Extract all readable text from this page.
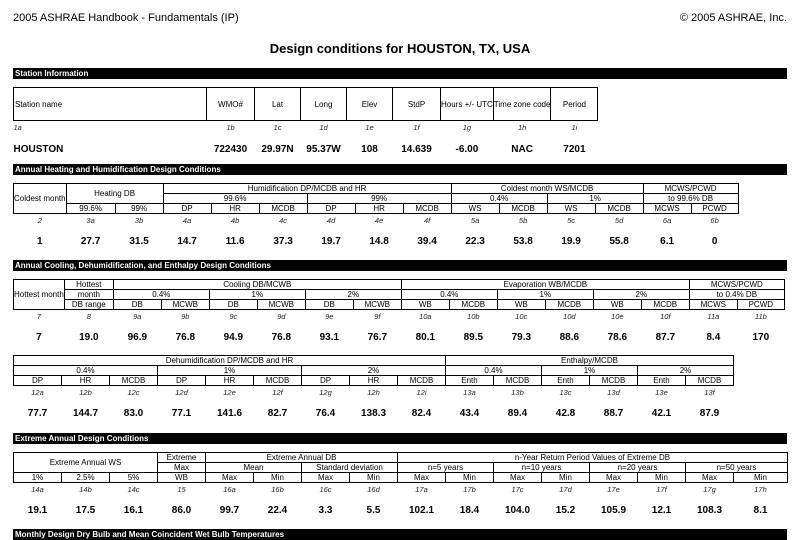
2005 ASHRAE Handbook - Fundamentals (IP)	© 2005 ASHRAE, Inc.
Design conditions for HOUSTON, TX, USA
Station Information
Station name	WMO#	Lat	Long	Elev	StdP	Hours +/- UTC	Time zone code	Period
1a	1b	1c	1d	1e	1f	1g	1h	1i

HOUSTON	722430	29.97N	95.37W	108	14.639	-6.00	NAC	7201
Annual Heating and Humidification Design Conditions
Coldest month	Heating DB		Humidification DP/MCDB and HR						Coldest month WS/MCDB				MCWS/PCWD	
			99.6%			99%			0.4%		1%		to 99.6% DB	
	99.6%	99%	DP	HR	MCDB	DP	HR	MCDB	WS	MCDB	WS	MCDB	MCWS	PCWD
2	3a	3b	4a	4b	4c	4d	4e	4f	5a	5b	5c	5d	6a	6b

1	27.7	31.5	14.7	11.6	37.3	19.7	14.8	39.4	22.3	53.8	19.9	55.8	6.1	0
Annual Cooling, Dehumidification, and Enthalpy Design Conditions
Hottest month	Hottest	Cooling DB/MCWB						Evaporation WB/MCDB						MCWS/PCWD	
	month	0.4%		1%		2%		0.4%		1%		2%		to 0.4% DB	
	DB range	DB	MCWB	DB	MCWB	DB	MCWB	WB	MCDB	WB	MCDB	WB	MCDB	MCWS	PCWD
7	8	9a	9b	9c	9d	9e	9f	10a	10b	10c	10d	10e	10f	11a	11b

7	19.0	96.9	76.8	94.9	76.8	93.1	76.7	80.1	89.5	79.3	88.6	78.6	87.7	8.4	170
Dehumidification DP/MCDB and HR									Enthalpy/MCDB					
0.4%			1%			2%			0.4%		1%		2%	
DP	HR	MCDB	DP	HR	MCDB	DP	HR	MCDB	Enth	MCDB	Enth	MCDB	Enth	MCDB
12a	12b	12c	12d	12e	12f	12g	12h	12i	13a	13b	13c	13d	13e	13f

77.7	144.7	83.0	77.1	141.6	82.7	76.4	138.3	82.4	43.4	89.4	42.8	88.7	42.1	87.9
Extreme Annual Design Conditions
Extreme Annual WS			Extreme	Extreme Annual DB				n-Year Return Period Values of Extreme DB							
			Max	Mean		Standard deviation		n=5 years		n=10 years		n=20 years		n=50 years	
1%	2.5%	5%	WB	Max	Min	Max	Min	Max	Min	Max	Min	Max	Min	Max	Min
14a	14b	14c	15	16a	16b	16c	16d	17a	17b	17c	17d	17e	17f	17g	17h

19.1	17.5	16.1	86.0	99.7	22.4	3.3	5.5	102.1	18.4	104.0	15.2	105.9	12.1	108.3	8.1
Monthly Design Dry Bulb and Mean Coincident Wet Bulb Temperatures
